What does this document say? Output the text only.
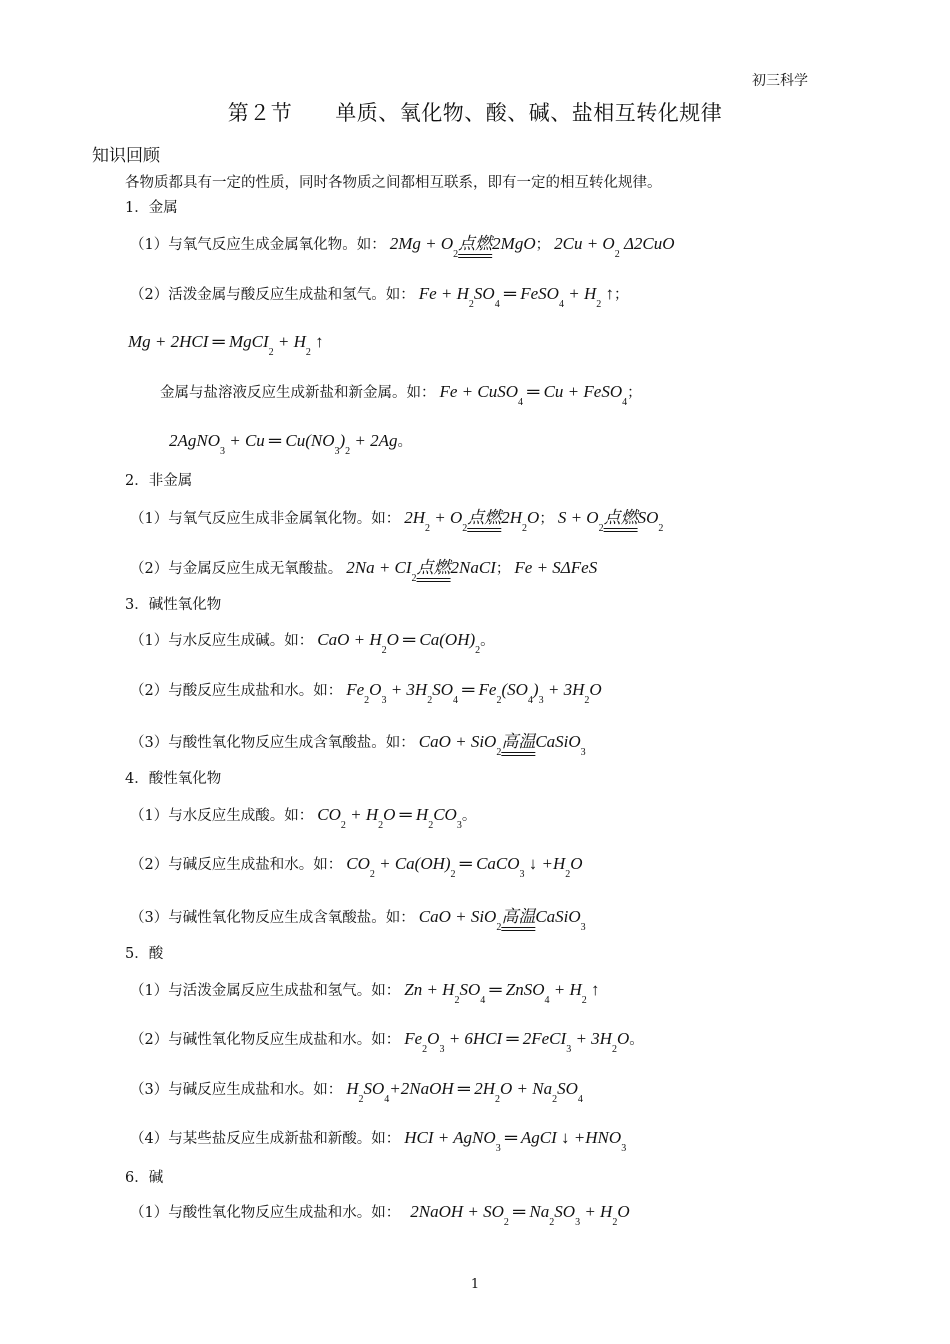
初三科学
第２节　　单质、氧化物、酸、碱、盐相互转化规律
知识回顾
各物质都具有一定的性质，同时各物质之间都相互联系，即有一定的相互转化规律。
1．金属
（1）与氧气反应生成金属氧化物。如： $2Mg + O_2$点燃2MgO； $2Cu + O_2$ Δ2CuO
（2）活泼金属与酸反应生成盐和氢气。如： $Fe + H_2SO_4$ ═ FeSO$_4$ + $H_2$ ↑；
Mg + 2HCI ═ MgCI$_2$ + $H_2$ ↑
金属与盐溶液反应生成新盐和新金属。如： Fe + CuSO$_4$ ═ Cu + FeSO$_4$；
2AgNO$_3$ + Cu ═ $Cu(NO_3)_2 + 2Ag$。
2．非金属
（1）与氧气反应生成非金属氧化物。如： $2H_2 + O_2$点燃$2H_2O$； $S + O_2$点燃$SO_2$
（2）与金属反应生成无氧酸盐。 $2Na + CI_2$点燃2NaCI； Fe + SΔFeS
3．碱性氧化物
（1）与水反应生成碱。如： CaO + $H_2O$ ═ $Ca(OH)_2$。
（2）与酸反应生成盐和水。如： $Fe_2O_3 + 3H_2SO_4$ ═ $Fe_2(SO_4)_3 + 3H_2O$
（3）与酸性氧化物反应生成含氧酸盐。如： CaO + SiO$_2$高温CaSiO$_3$
4．酸性氧化物
（1）与水反应生成酸。如： $CO_2 + H_2O$ ═ $H_2CO_3$。
（2）与碱反应生成盐和水。如： $CO_2 + Ca(OH)_2$ ═ CaCO$_3$ ↓ $+H_2O$
（3）与碱性氧化物反应生成含氧酸盐。如： CaO + SiO$_2$高温CaSiO$_3$
5．酸
（1）与活泼金属反应生成盐和氢气。如： $Zn + H_2SO_4$ ═ ZnSO$_4$ + $H_2$ ↑
（2）与碱性氧化物反应生成盐和水。如： $Fe_2O_3 + 6HCI$ ═ 2FeCI$_3$ + $3H_2O$。
（3）与碱反应生成盐和水。如： $H_2SO_4+2NaOH$ ═ $2H_2O + Na_2SO_4$
（4）与某些盐反应生成新盐和新酸。如： HCI + AgNO$_3$ ═ AgCI ↓ $+HNO_3$
6．碱
（1）与酸性氧化物反应生成盐和水。如： 2NaOH + $SO_2$ ═ $Na_2SO_3 + H_2O$
1
